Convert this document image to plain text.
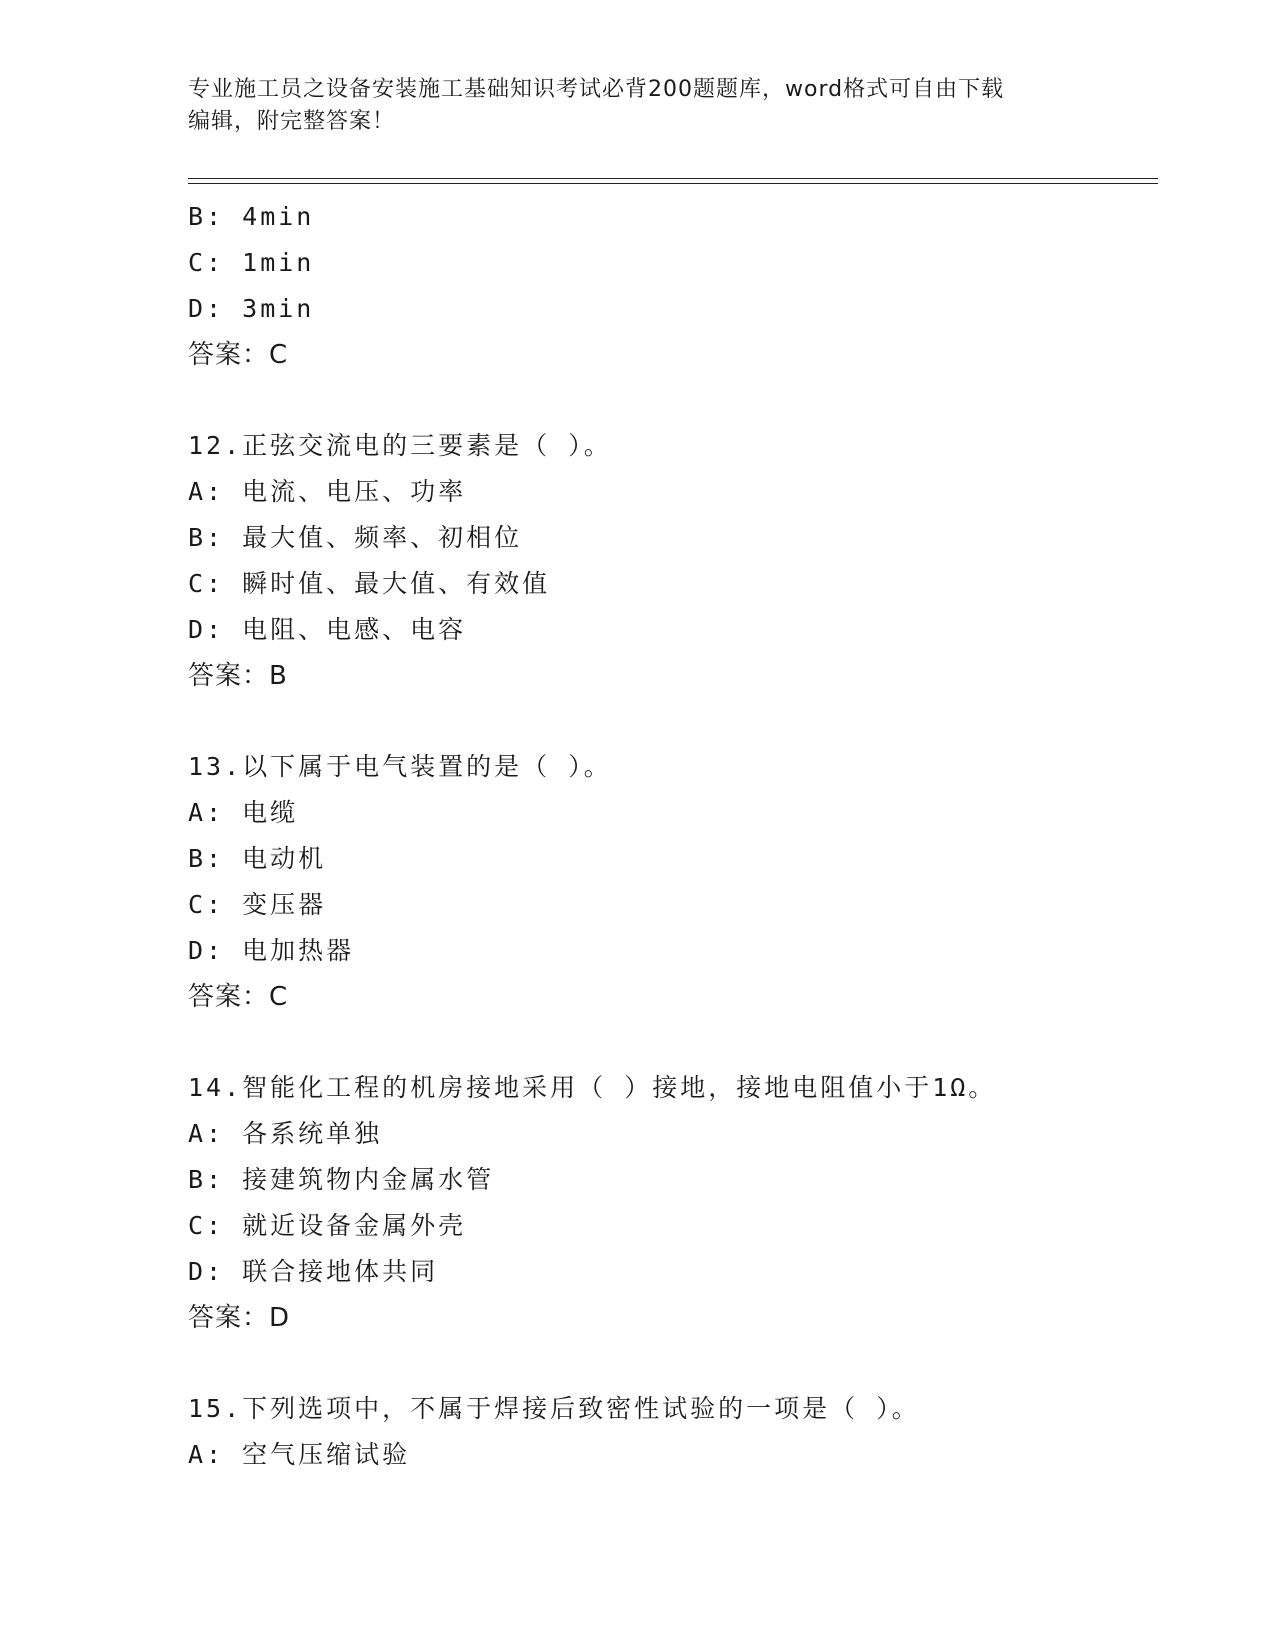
专业施工员之设备安装施工基础知识考试必背200题题库，word格式可自由下载
编辑，附完整答案！
B: 4min
C: 1min
D: 3min
答案：C
12.正弦交流电的三要素是（ ）。
A: 电流、电压、功率
B: 最大值、频率、初相位
C: 瞬时值、最大值、有效值
D: 电阻、电感、电容
答案：B
13.以下属于电气装置的是（ ）。
A: 电缆
B: 电动机
C: 变压器
D: 电加热器
答案：C
14.智能化工程的机房接地采用（ ）接地，接地电阻值小于1Ω。
A: 各系统单独
B: 接建筑物内金属水管
C: 就近设备金属外壳
D: 联合接地体共同
答案：D
15.下列选项中，不属于焊接后致密性试验的一项是（ ）。
A: 空气压缩试验
